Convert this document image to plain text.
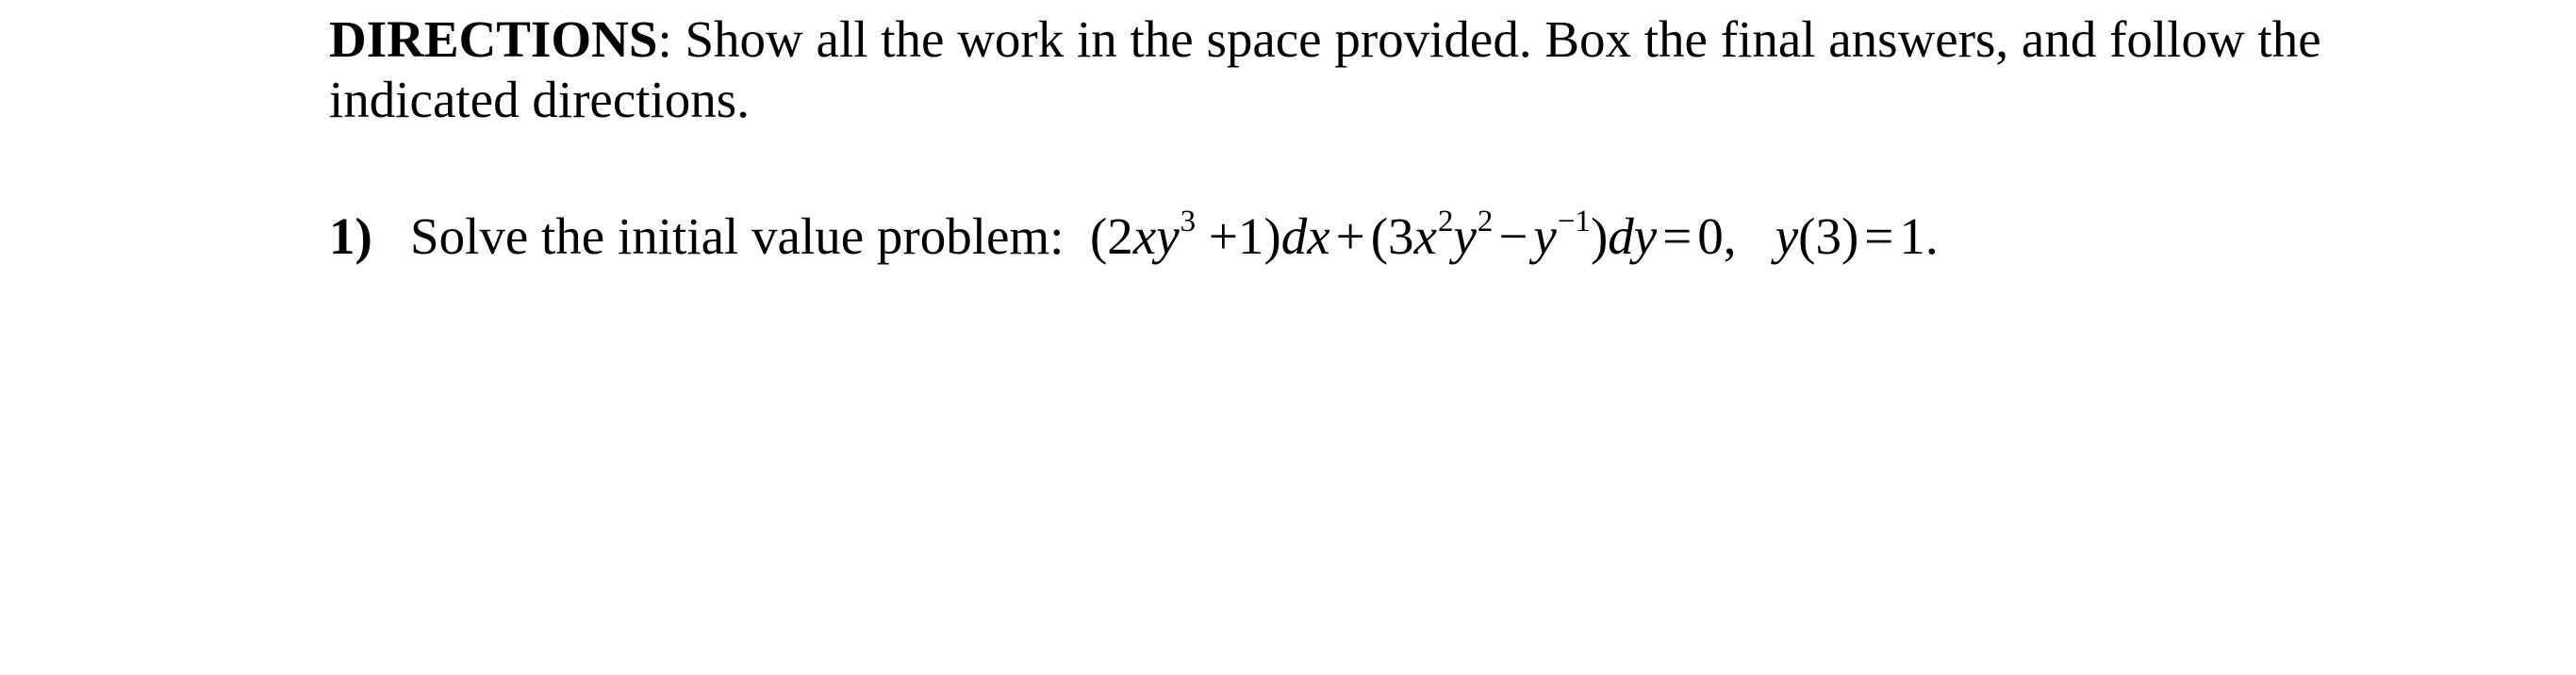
DIRECTIONS: Show all the work in the space provided. Box the final answers, and follow the indicated directions.
1) Solve the initial value problem: $(2xy^3 +1)dx + (3x^2y^2 - y^{-1})dy = 0$, y(3) = 1.
